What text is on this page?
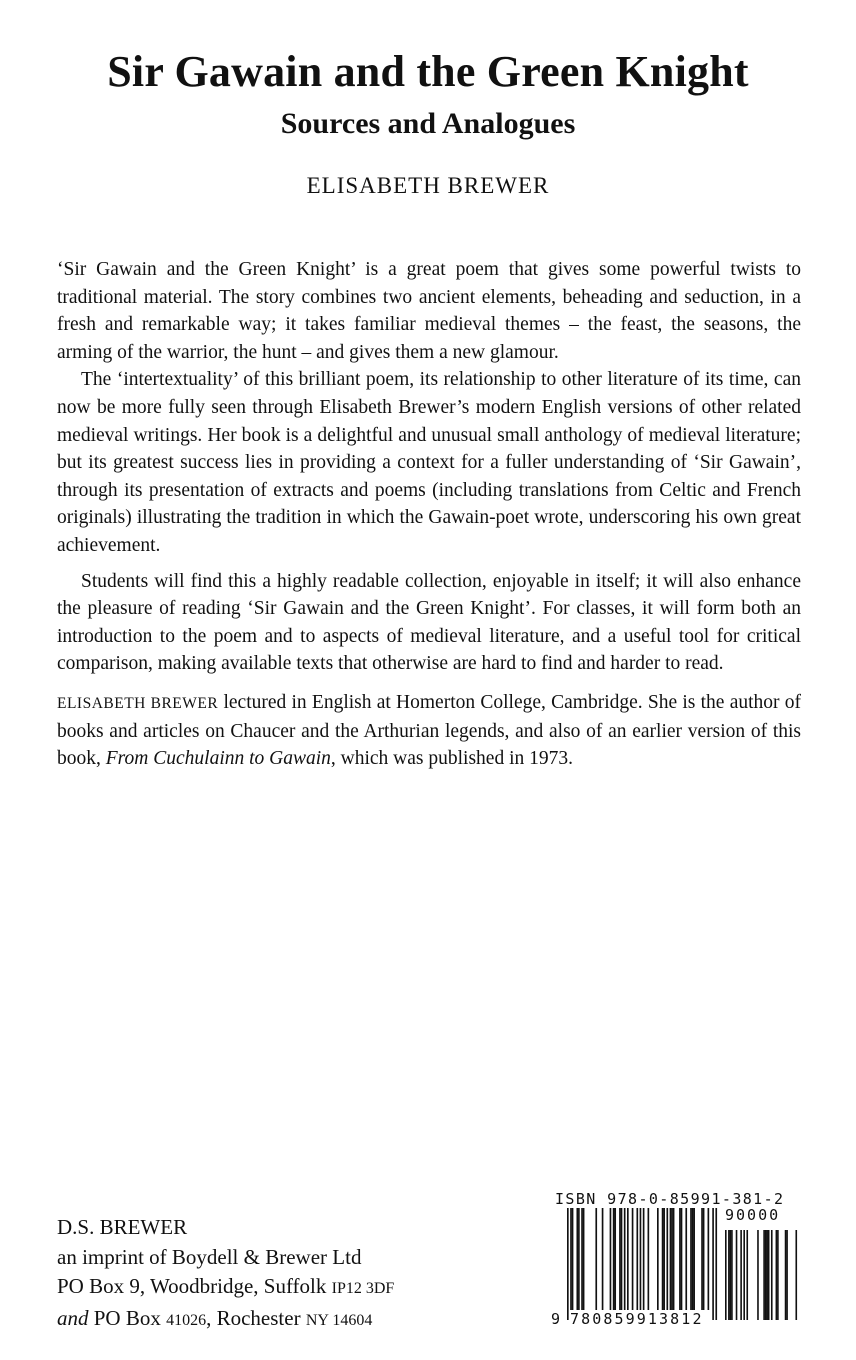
Sir Gawain and the Green Knight
Sources and Analogues
ELISABETH BREWER

‘Sir Gawain and the Green Knight’ is a great poem that gives some powerful twists to traditional material. The story combines two ancient elements, beheading and seduction, in a fresh and remarkable way; it takes familiar medieval themes – the feast, the seasons, the arming of the warrior, the hunt – and gives them a new glamour.

The ‘intertextuality’ of this brilliant poem, its relationship to other literature of its time, can now be more fully seen through Elisabeth Brewer’s modern English versions of other related medieval writings. Her book is a delightful and unusual small anthology of medieval literature; but its greatest success lies in providing a context for a fuller understanding of ‘Sir Gawain’, through its presentation of extracts and poems (including translations from Celtic and French originals) illustrating the tradition in which the Gawain-poet wrote, underscoring his own great achievement.

Students will find this a highly readable collection, enjoyable in itself; it will also enhance the pleasure of reading ‘Sir Gawain and the Green Knight’. For classes, it will form both an introduction to the poem and to aspects of medieval literature, and a useful tool for critical comparison, making available texts that otherwise are hard to find and harder to read.

ELISABETH BREWER lectured in English at Homerton College, Cambridge. She is the author of books and articles on Chaucer and the Arthurian legends, and also of an earlier version of this book, From Cuchulainn to Gawain, which was published in 1973.

D.S. BREWER
an imprint of Boydell & Brewer Ltd
PO Box 9, Woodbridge, Suffolk IP12 3DF
and PO Box 41026, Rochester NY 14604
ISBN 978-0-85991-381-2
90000
9 780859913812
